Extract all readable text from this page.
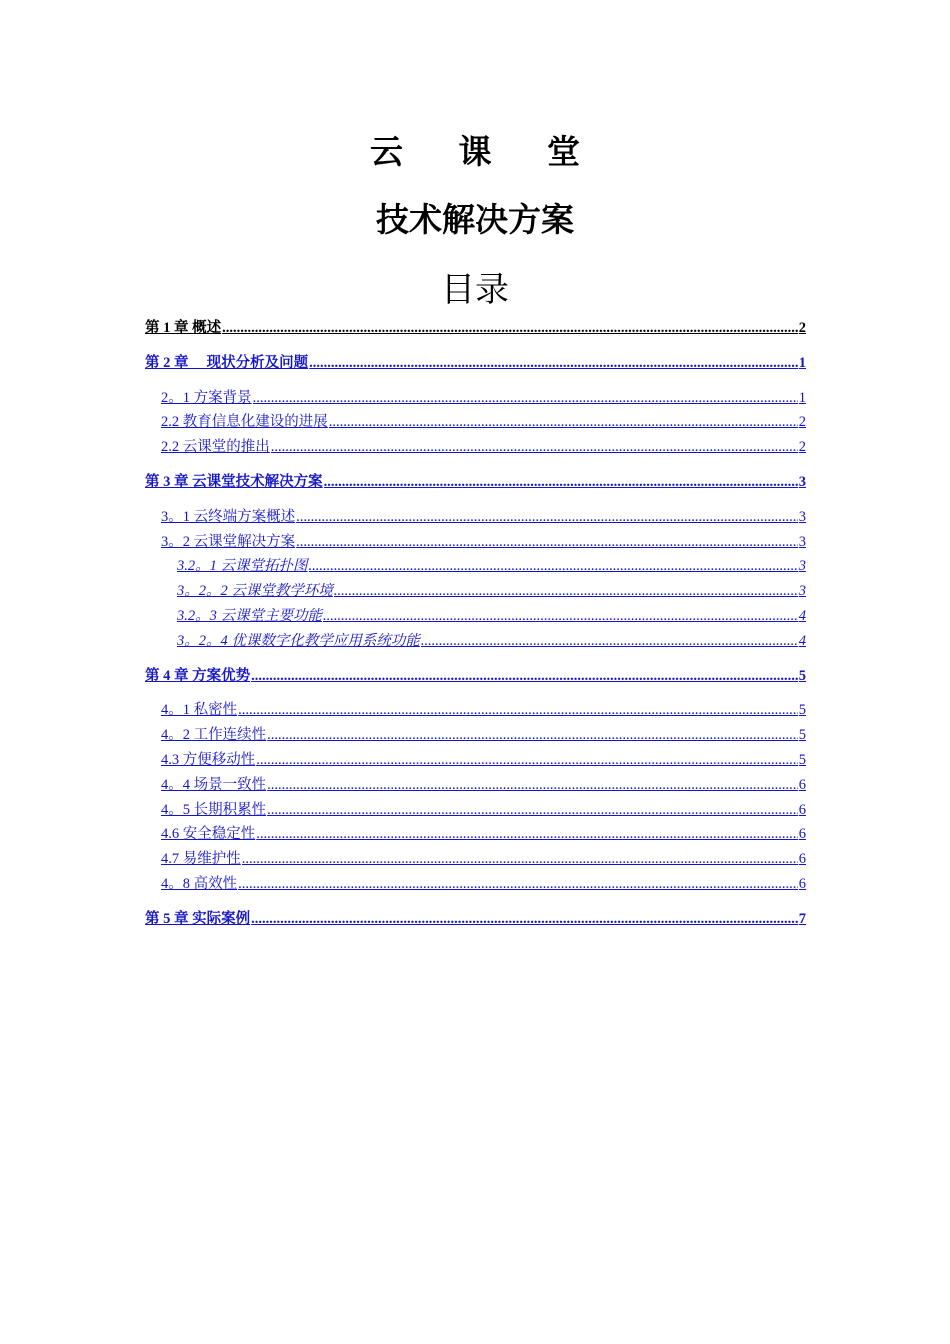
云 课 堂
技术解决方案
目录
第 1 章 概述 .....	2
第 2 章     现状分析及问题 .....	1
2。1 方案背景 .....	1
2.2 教育信息化建设的进展 .....	2
2.2 云课堂的推出 .....	2
第 3 章 云课堂技术解决方案 .....	3
3。1 云终端方案概述 .....	3
3。2 云课堂解决方案 .....	3
3.2。1 云课堂拓扑图 .....	3
3。2。2 云课堂教学环境 .....	3
3.2。3 云课堂主要功能 .....	4
3。2。4 优课数字化教学应用系统功能 .....	4
第 4 章 方案优势 .....	5
4。1 私密性 .....	5
4。2 工作连续性 .....	5
4.3 方便移动性 .....	5
4。4 场景一致性 .....	6
4。5 长期积累性 .....	6
4.6 安全稳定性 .....	6
4.7 易维护性 .....	6
4。8 高效性 .....	6
第 5 章 实际案例 .....	7
